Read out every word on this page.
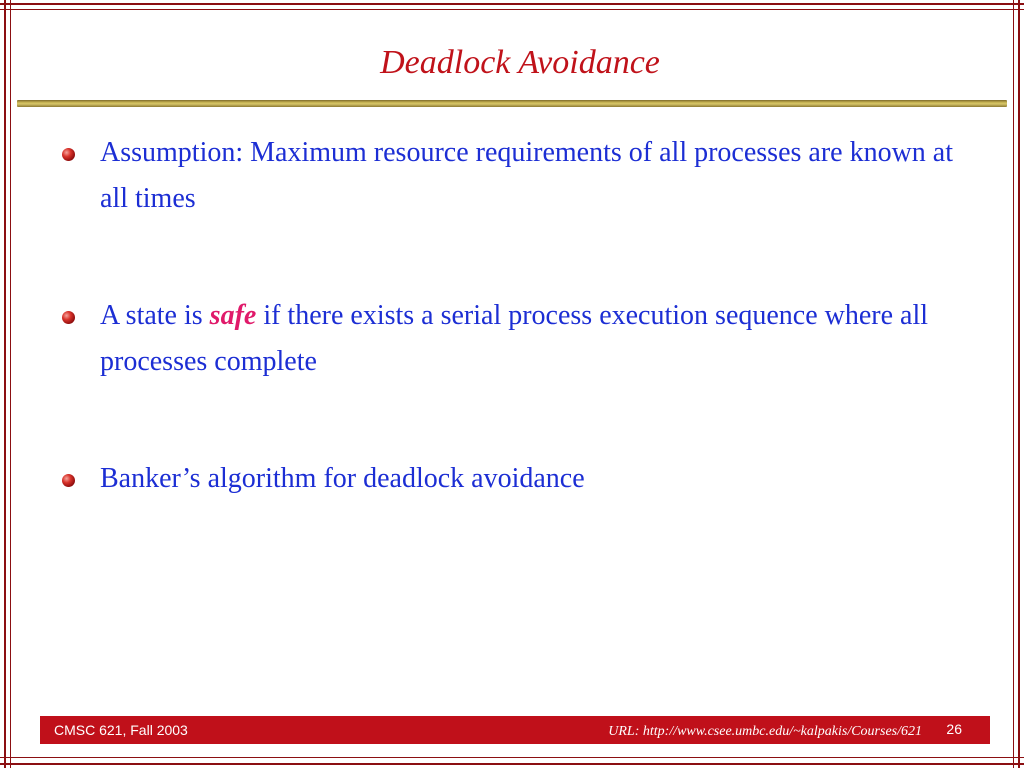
Deadlock Avoidance
Assumption: Maximum resource requirements of all processes are known at all times
A state is safe if there exists a serial process execution sequence where all processes complete
Banker’s algorithm for deadlock avoidance
CMSC 621, Fall 2003	URL: http://www.csee.umbc.edu/~kalpakis/Courses/621 26
